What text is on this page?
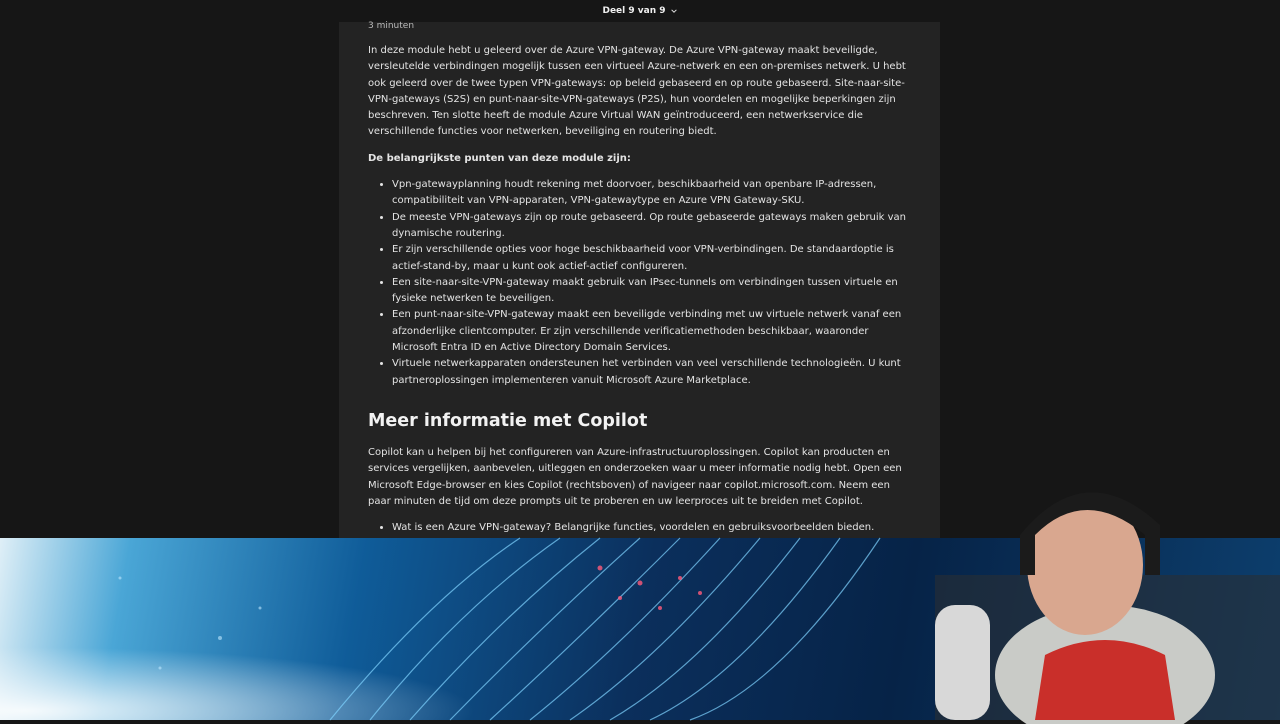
Deel 9 van 9
3 minuten

In deze module hebt u geleerd over de Azure VPN-gateway. De Azure VPN-gateway maakt beveiligde, versleutelde verbindingen mogelijk tussen een virtueel Azure-netwerk en een on-premises netwerk. U hebt ook geleerd over de twee typen VPN-gateways: op beleid gebaseerd en op route gebaseerd. Site-naar-site-VPN-gateways (S2S) en punt-naar-site-VPN-gateways (P2S), hun voordelen en mogelijke beperkingen zijn beschreven. Ten slotte heeft de module Azure Virtual WAN geïntroduceerd, een netwerkservice die verschillende functies voor netwerken, beveiliging en routering biedt.

De belangrijkste punten van deze module zijn:

• Vpn-gatewayplanning houdt rekening met doorvoer, beschikbaarheid van openbare IP-adressen, compatibiliteit van VPN-apparaten, VPN-gatewaytype en Azure VPN Gateway-SKU.
• De meeste VPN-gateways zijn op route gebaseerd. Op route gebaseerde gateways maken gebruik van dynamische routering.
• Er zijn verschillende opties voor hoge beschikbaarheid voor VPN-verbindingen. De standaardoptie is actief-stand-by, maar u kunt ook actief-actief configureren.
• Een site-naar-site-VPN-gateway maakt gebruik van IPsec-tunnels om verbindingen tussen virtuele en fysieke netwerken te beveiligen.
• Een punt-naar-site-VPN-gateway maakt een beveiligde verbinding met uw virtuele netwerk vanaf een afzonderlijke clientcomputer. Er zijn verschillende verificatiemethoden beschikbaar, waaronder Microsoft Entra ID en Active Directory Domain Services.
• Virtuele netwerkapparaten ondersteunen het verbinden van veel verschillende technologieën. U kunt partneroplossingen implementeren vanuit Microsoft Azure Marketplace.
Meer informatie met Copilot

Copilot kan u helpen bij het configureren van Azure-infrastructuuroplossingen. Copilot kan producten en services vergelijken, aanbevelen, uitleggen en onderzoeken waar u meer informatie nodig hebt. Open een Microsoft Edge-browser en kies Copilot (rechtsboven) of navigeer naar copilot.microsoft.com. Neem een paar minuten de tijd om deze prompts uit te proberen en uw leerproces uit te breiden met Copilot.

• Wat is een Azure VPN-gateway? Belangrijke functies, voordelen en gebruiksvoorbeelden bieden.
•
